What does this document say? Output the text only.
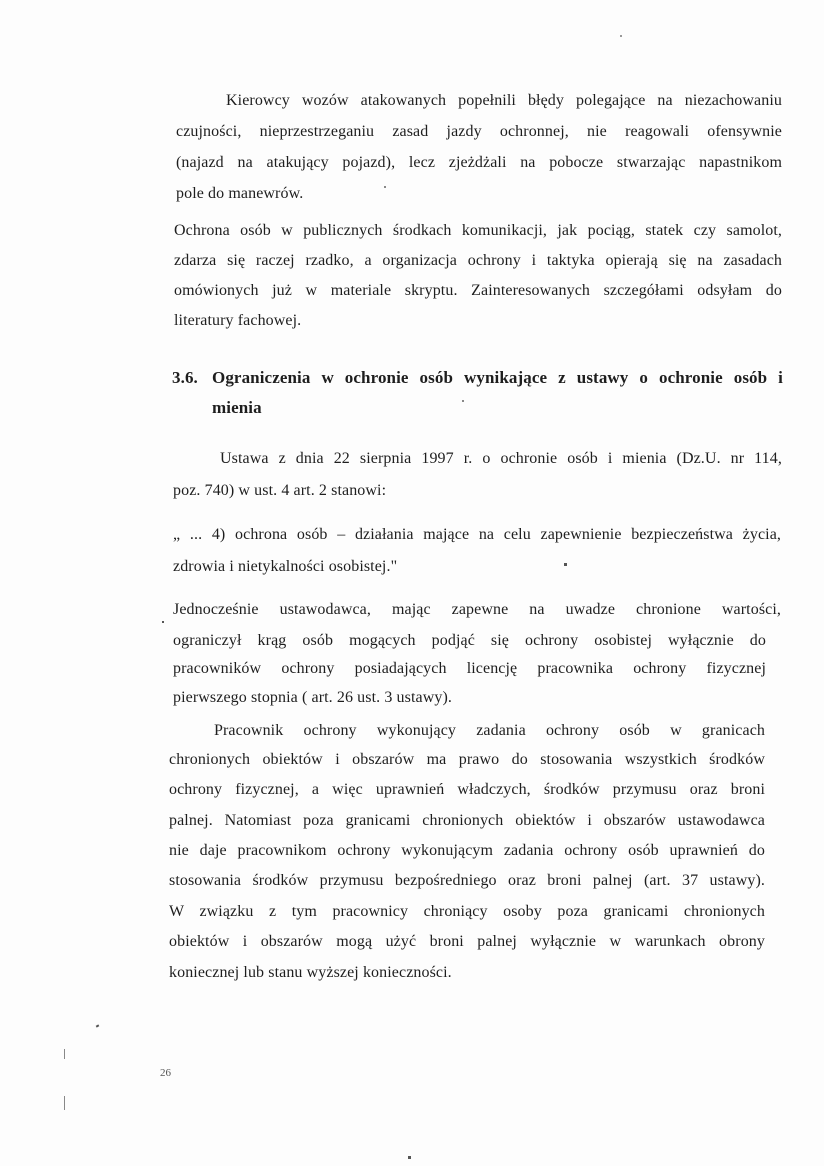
Kierowcy wozów atakowanych popełnili błędy polegające na niezachowaniu
czujności, nieprzestrzeganiu zasad jazdy ochronnej, nie reagowali ofensywnie
(najazd na atakujący pojazd), lecz zjeżdżali na pobocze stwarzając napastnikom
pole do manewrów.
Ochrona osób w publicznych środkach komunikacji, jak pociąg, statek czy samolot,
zdarza się raczej rzadko, a organizacja ochrony i taktyka opierają się na zasadach
omówionych już w materiale skryptu. Zainteresowanych szczegółami odsyłam do
literatury fachowej.
3.6. Ograniczenia w ochronie osób wynikające z ustawy o ochronie osób i
mienia
Ustawa z dnia 22 sierpnia 1997 r. o ochronie osób i mienia (Dz.U. nr 114,
poz. 740) w ust. 4 art. 2 stanowi:
„ ... 4) ochrona osób – działania mające na celu zapewnienie bezpieczeństwa życia,
zdrowia i nietykalności osobistej."
Jednocześnie ustawodawca, mając zapewne na uwadze chronione wartości,
ograniczył krąg osób mogących podjąć się ochrony osobistej wyłącznie do
pracowników ochrony posiadających licencję pracownika ochrony fizycznej
pierwszego stopnia ( art. 26 ust. 3 ustawy).
Pracownik ochrony wykonujący zadania ochrony osób w granicach
chronionych obiektów i obszarów ma prawo do stosowania wszystkich środków
ochrony fizycznej, a więc uprawnień władczych, środków przymusu oraz broni
palnej. Natomiast poza granicami chronionych obiektów i obszarów ustawodawca
nie daje pracownikom ochrony wykonującym zadania ochrony osób uprawnień do
stosowania środków przymusu bezpośredniego oraz broni palnej (art. 37 ustawy).
W związku z tym pracownicy chroniący osoby poza granicami chronionych
obiektów i obszarów mogą użyć broni palnej wyłącznie w warunkach obrony
koniecznej lub stanu wyższej konieczności.
26
